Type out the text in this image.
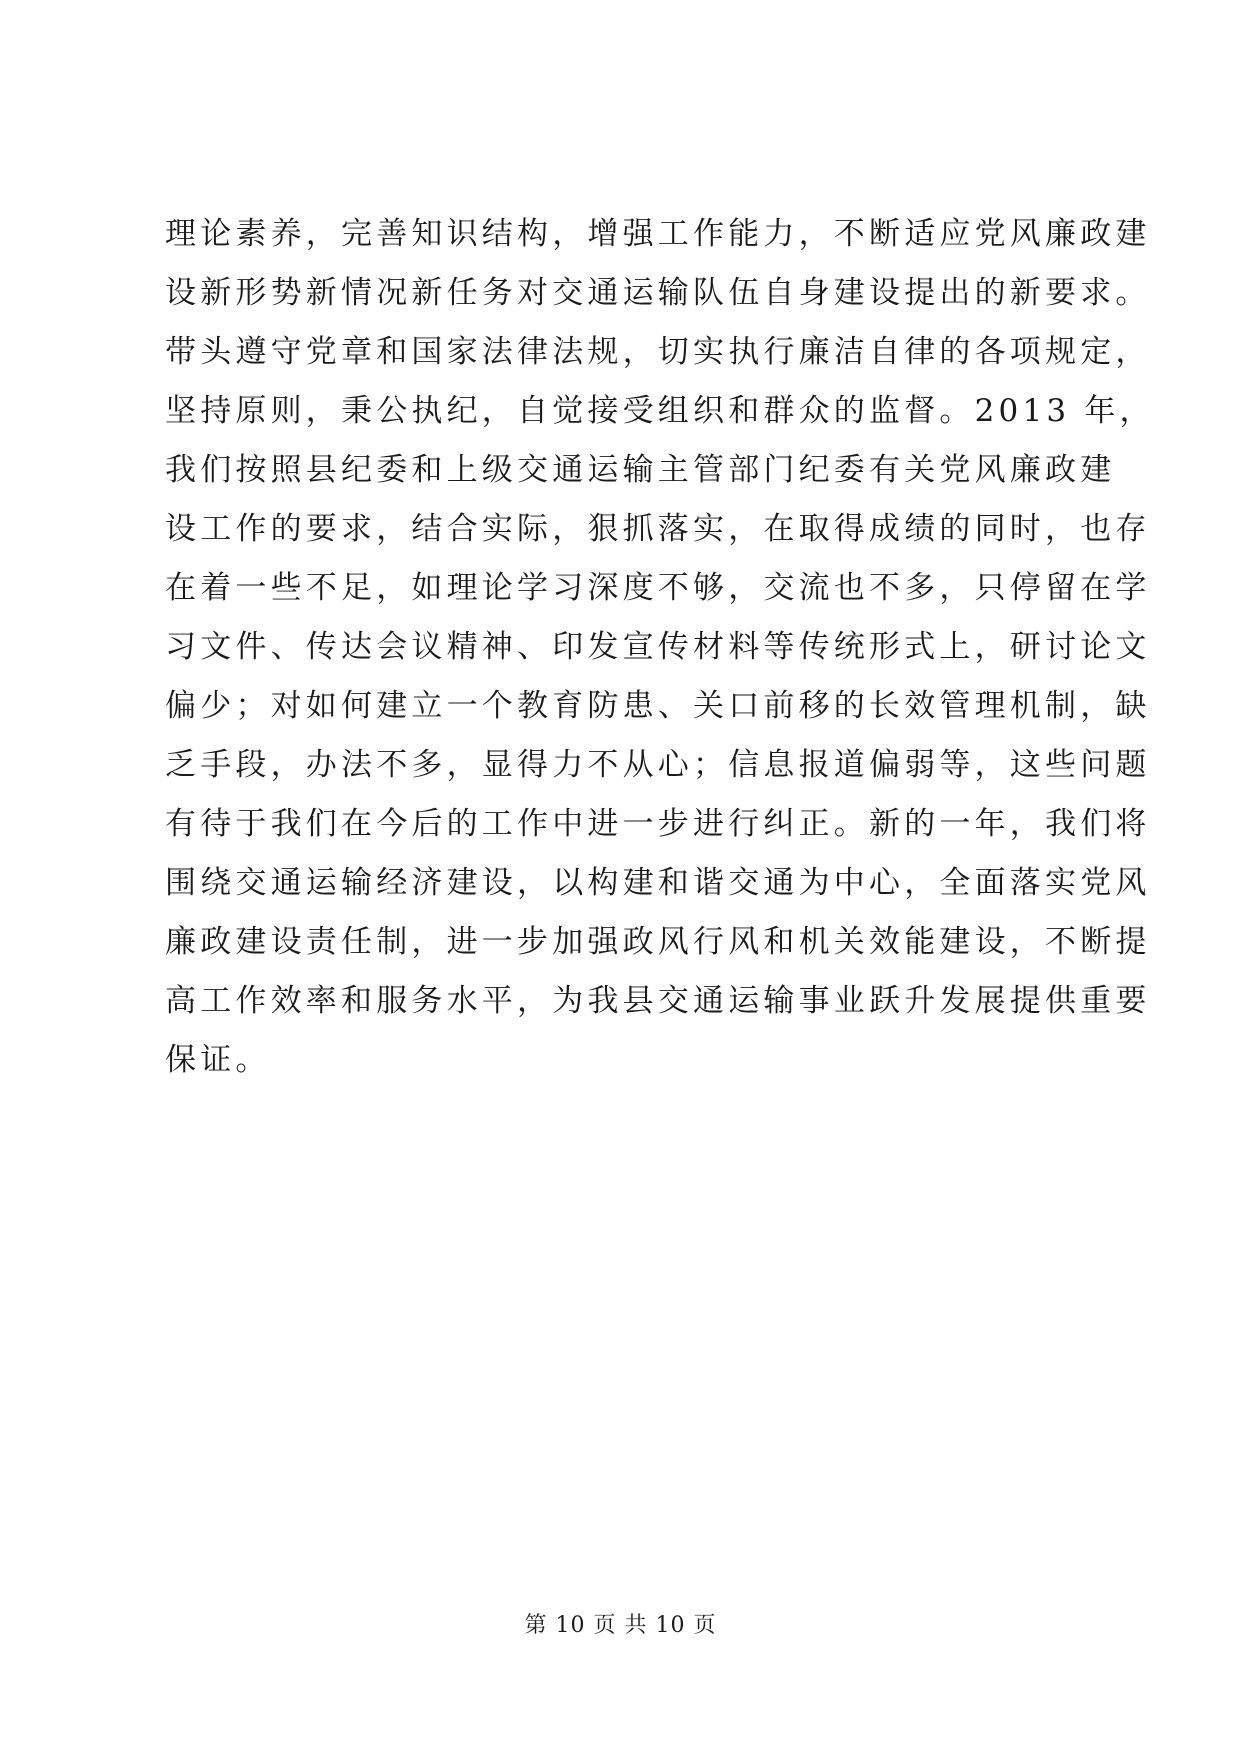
理论素养，完善知识结构，增强工作能力，不断适应党风廉政建
设新形势新情况新任务对交通运输队伍自身建设提出的新要求。
带头遵守党章和国家法律法规，切实执行廉洁自律的各项规定，
坚持原则，秉公执纪，自觉接受组织和群众的监督。2013 年，
我们按照县纪委和上级交通运输主管部门纪委有关党风廉政建
设工作的要求，结合实际，狠抓落实，在取得成绩的同时，也存
在着一些不足，如理论学习深度不够，交流也不多，只停留在学
习文件、传达会议精神、印发宣传材料等传统形式上，研讨论文
偏少；对如何建立一个教育防患、关口前移的长效管理机制，缺
乏手段，办法不多，显得力不从心；信息报道偏弱等，这些问题
有待于我们在今后的工作中进一步进行纠正。新的一年，我们将
围绕交通运输经济建设，以构建和谐交通为中心，全面落实党风
廉政建设责任制，进一步加强政风行风和机关效能建设，不断提
高工作效率和服务水平，为我县交通运输事业跃升发展提供重要
保证。
第 10 页 共 10 页
